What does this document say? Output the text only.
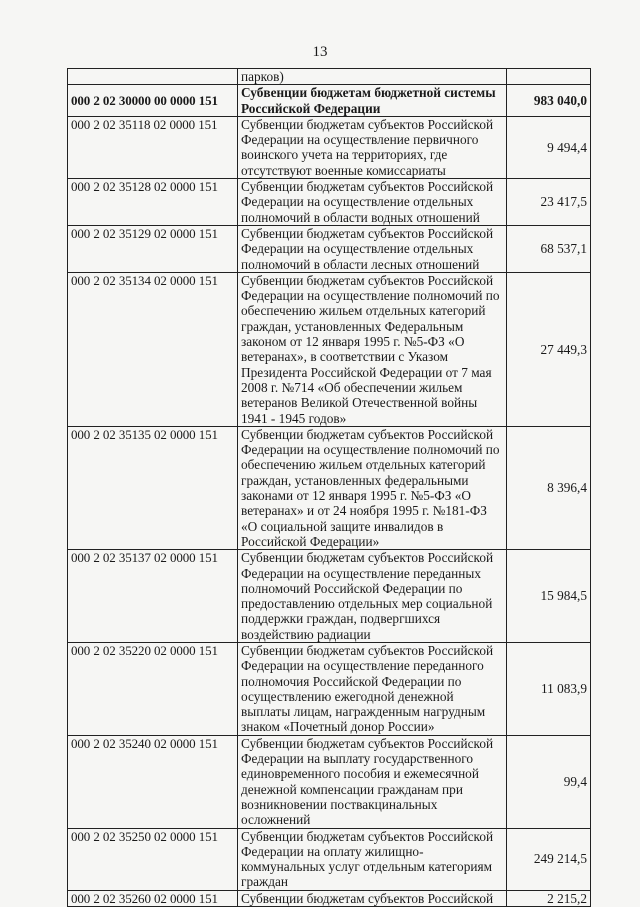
13
	парков)	
000 2 02 30000 00 0000 151	Субвенции бюджетам бюджетной системы Российской Федерации	983 040,0
000 2 02 35118 02 0000 151	Субвенции бюджетам субъектов Российской Федерации на осуществление первичного воинского учета на территориях, где отсутствуют военные комиссариаты	9 494,4
000 2 02 35128 02 0000 151	Субвенции бюджетам субъектов Российской Федерации на осуществление отдельных полномочий в области водных отношений	23 417,5
000 2 02 35129 02 0000 151	Субвенции бюджетам субъектов Российской Федерации на осуществление отдельных полномочий в области лесных отношений	68 537,1
000 2 02 35134 02 0000 151	Субвенции бюджетам субъектов Российской Федерации на осуществление полномочий по обеспечению жильем отдельных категорий граждан, установленных Федеральным законом от 12 января 1995 г. №5-ФЗ «О ветеранах», в соответствии с Указом Президента Российской Федерации от 7 мая 2008 г. №714 «Об обеспечении жильем ветеранов Великой Отечественной войны 1941 - 1945 годов»	27 449,3
000 2 02 35135 02 0000 151	Субвенции бюджетам субъектов Российской Федерации на осуществление полномочий по обеспечению жильем отдельных категорий граждан, установленных федеральными законами от 12 января 1995 г. №5-ФЗ «О ветеранах» и от 24 ноября 1995 г. №181-ФЗ «О социальной защите инвалидов в Российской Федерации»	8 396,4
000 2 02 35137 02 0000 151	Субвенции бюджетам субъектов Российской Федерации на осуществление переданных полномочий Российской Федерации по предоставлению отдельных мер социальной поддержки граждан, подвергшихся воздействию радиации	15 984,5
000 2 02 35220 02 0000 151	Субвенции бюджетам субъектов Российской Федерации на осуществление переданного полномочия Российской Федерации по осуществлению ежегодной денежной выплаты лицам, награжденным нагрудным знаком «Почетный донор России»	11 083,9
000 2 02 35240 02 0000 151	Субвенции бюджетам субъектов Российской Федерации на выплату государственного единовременного пособия и ежемесячной денежной компенсации гражданам при возникновении поствакцинальных осложнений	99,4
000 2 02 35250 02 0000 151	Субвенции бюджетам субъектов Российской Федерации на оплату жилищно-коммунальных услуг отдельным категориям граждан	249 214,5
000 2 02 35260 02 0000 151	Субвенции бюджетам субъектов Российской	2 215,2
